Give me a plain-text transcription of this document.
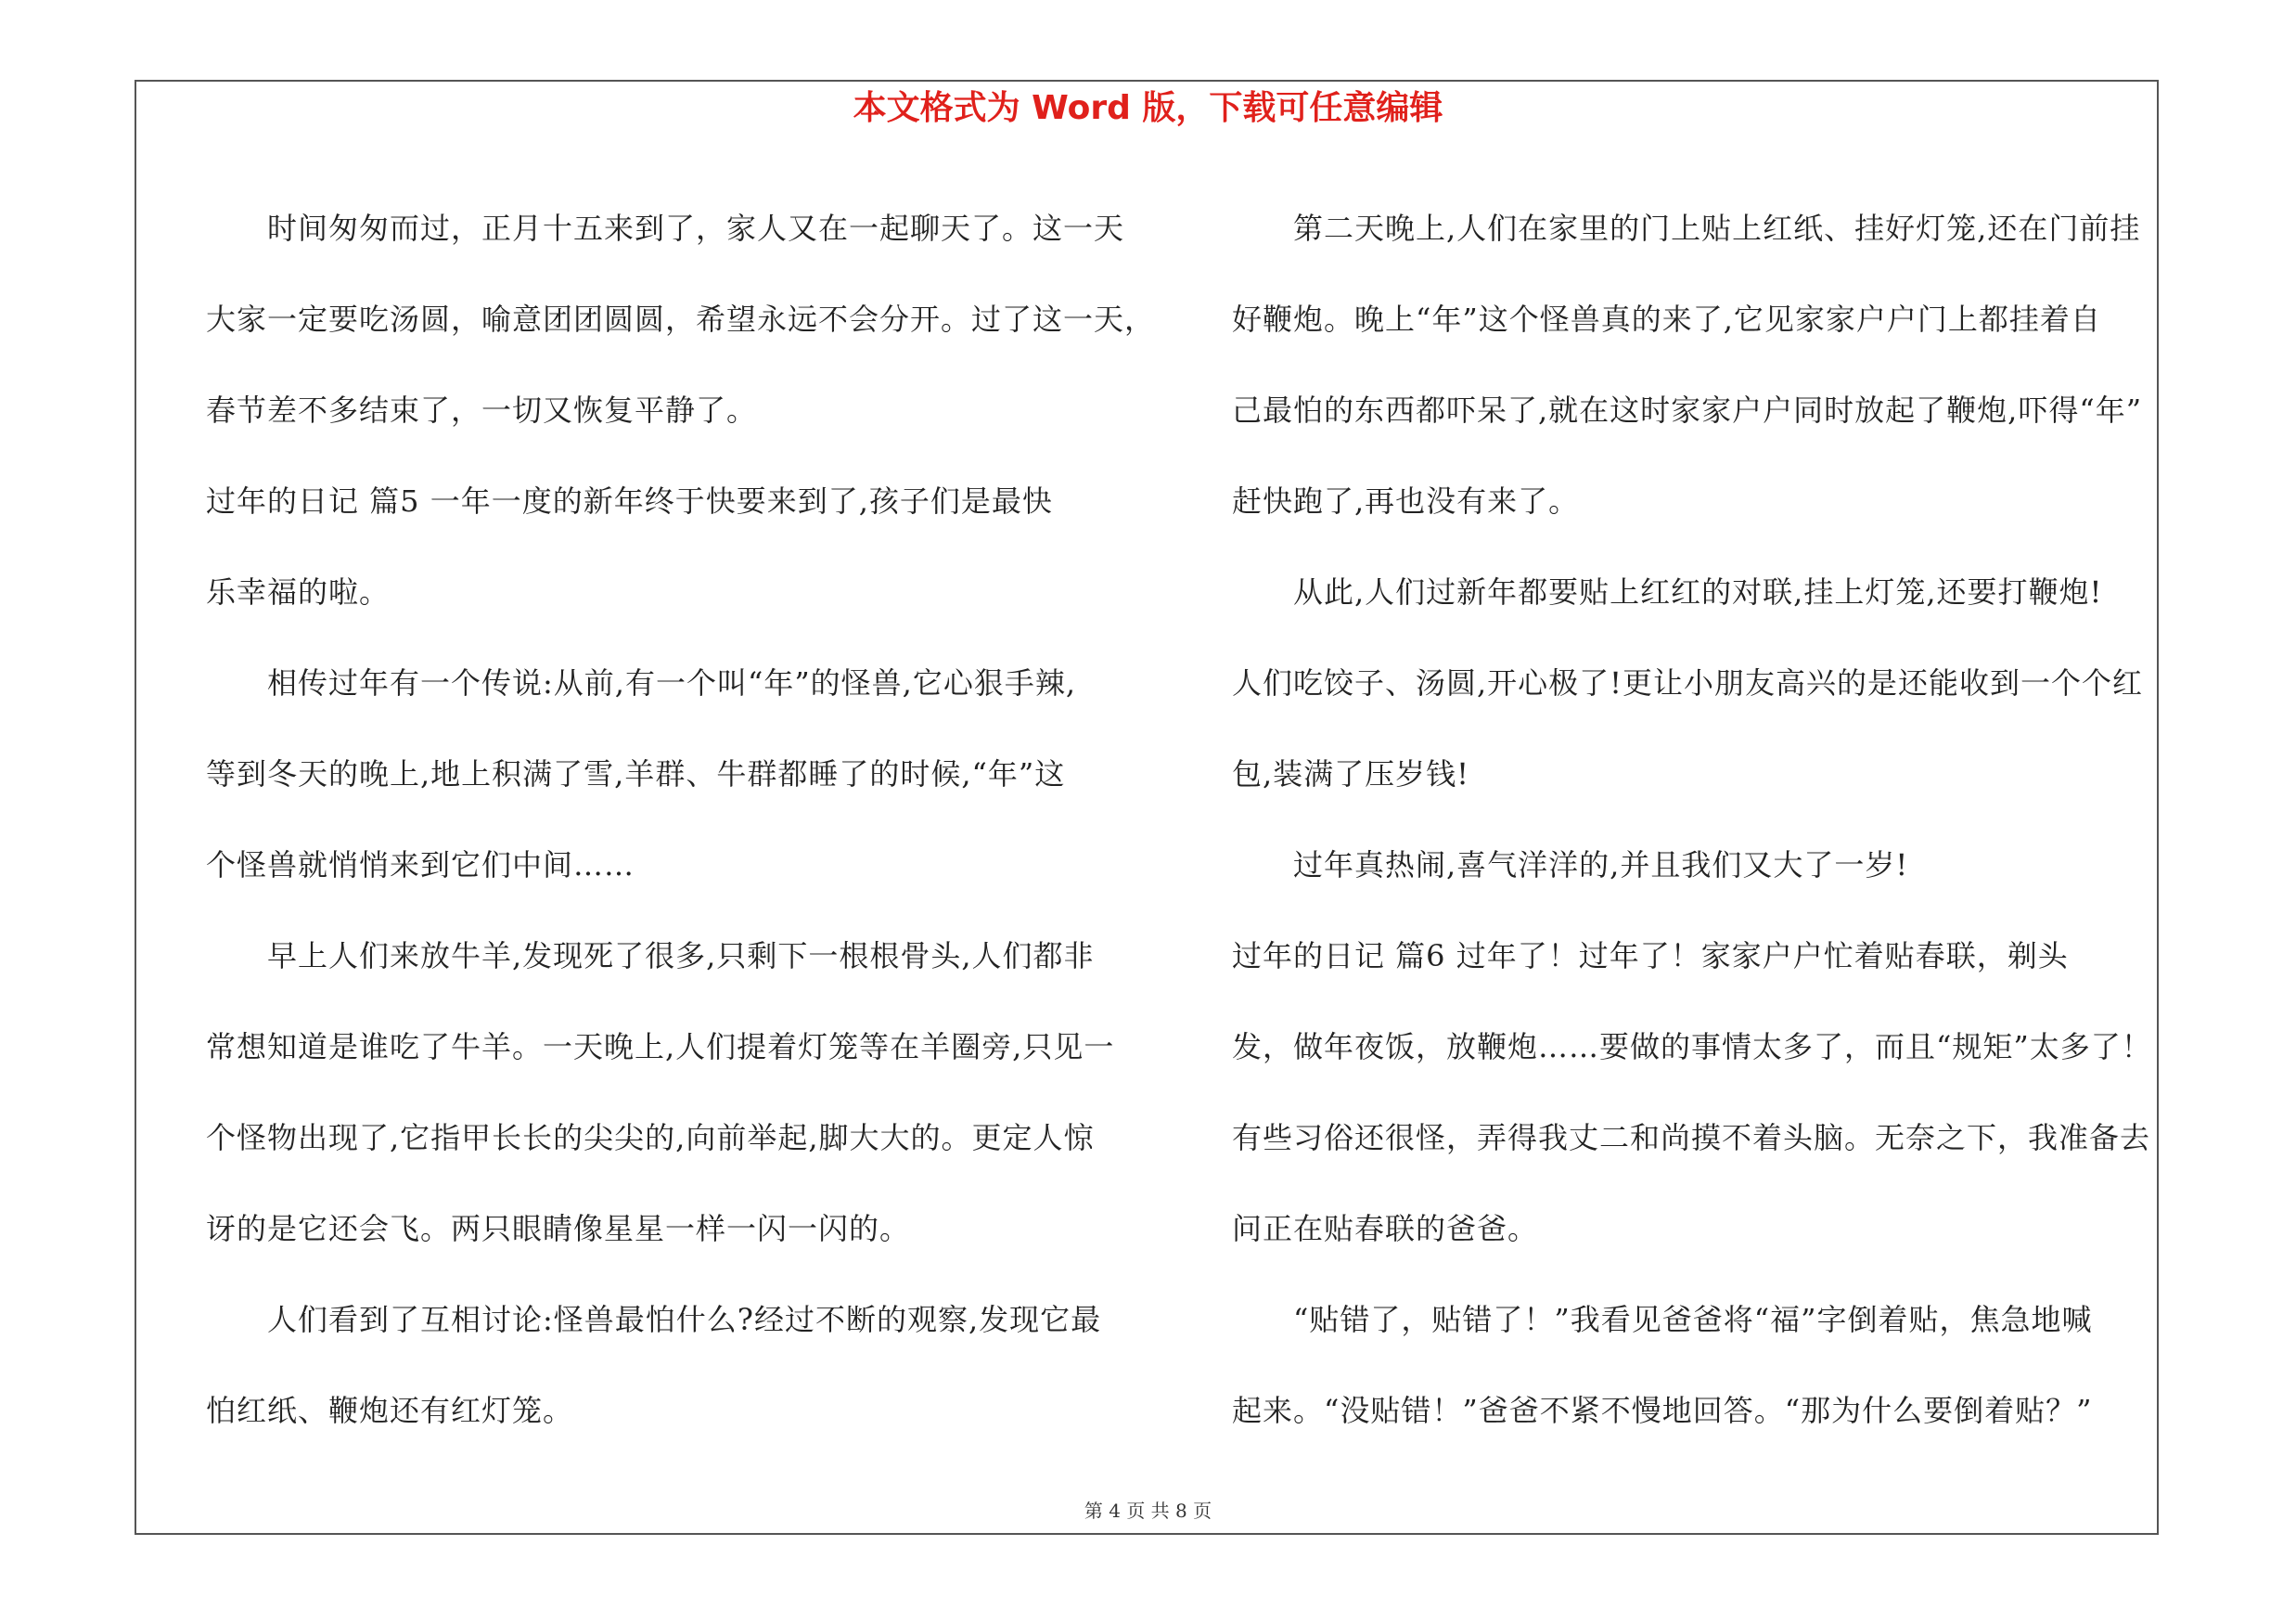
本文格式为 Word 版，下载可任意编辑
时间匆匆而过，正月十五来到了，家人又在一起聊天了。这一天
大家一定要吃汤圆，喻意团团圆圆，希望永远不会分开。过了这一天，
春节差不多结束了，一切又恢复平静了。
过年的日记 篇5 一年一度的新年终于快要来到了,孩子们是最快
乐幸福的啦。
相传过年有一个传说:从前,有一个叫“年”的怪兽,它心狠手辣,
等到冬天的晚上,地上积满了雪,羊群、牛群都睡了的时候,“年”这
个怪兽就悄悄来到它们中间……
早上人们来放牛羊,发现死了很多,只剩下一根根骨头,人们都非
常想知道是谁吃了牛羊。一天晚上,人们提着灯笼等在羊圈旁,只见一
个怪物出现了,它指甲长长的尖尖的,向前举起,脚大大的。更定人惊
讶的是它还会飞。两只眼睛像星星一样一闪一闪的。
人们看到了互相讨论:怪兽最怕什么?经过不断的观察,发现它最
怕红纸、鞭炮还有红灯笼。
第二天晚上,人们在家里的门上贴上红纸、挂好灯笼,还在门前挂
好鞭炮。晚上“年”这个怪兽真的来了,它见家家户户门上都挂着自
己最怕的东西都吓呆了,就在这时家家户户同时放起了鞭炮,吓得“年”
赶快跑了,再也没有来了。
从此,人们过新年都要贴上红红的对联,挂上灯笼,还要打鞭炮!
人们吃饺子、汤圆,开心极了!更让小朋友高兴的是还能收到一个个红
包,装满了压岁钱!
过年真热闹,喜气洋洋的,并且我们又大了一岁!
过年的日记 篇6 过年了！过年了！家家户户忙着贴春联，剃头
发，做年夜饭，放鞭炮……要做的事情太多了，而且“规矩”太多了！
有些习俗还很怪，弄得我丈二和尚摸不着头脑。无奈之下，我准备去
问正在贴春联的爸爸。
“贴错了，贴错了！”我看见爸爸将“福”字倒着贴，焦急地喊
起来。“没贴错！”爸爸不紧不慢地回答。“那为什么要倒着贴？”
第 4 页 共 8 页
